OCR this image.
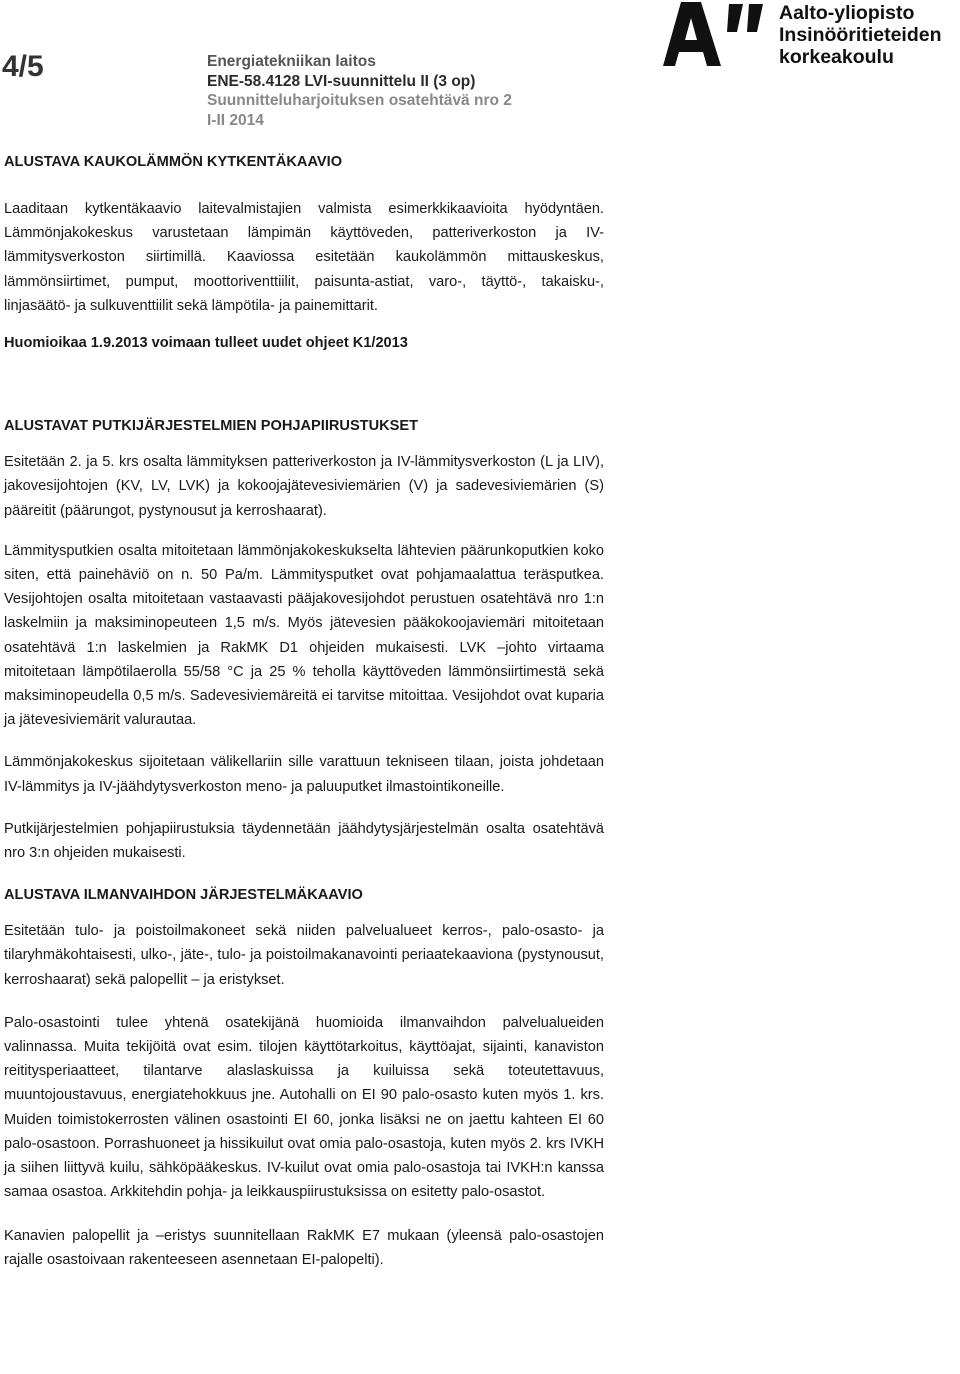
4/5	Energiatekniikan laitos
ENE-58.4128 LVI-suunnittelu II (3 op)
Suunnitteluharjoituksen osatehtävä nro 2
I-II 2014
Aalto-yliopisto
Insinööritieteiden
korkeakoulu
ALUSTAVA KAUKOLÄMMÖN KYTKENTÄKAAVIO

Laaditaan kytkentäkaavio laitevalmistajien valmista esimerkkikaavioita hyödyntäen. Lämmönjakokeskus varustetaan lämpimän käyttöveden, patteriverkoston ja IV-lämmitysverkoston siirtimillä. Kaaviossa esitetään kaukolämmön mittauskeskus, lämmönsiirtimet, pumput, moottoriventtiilit, paisunta-astiat, varo-, täyttö-, takaisku-, linjasäätö- ja sulkuventtiilit sekä lämpötila- ja painemittarit.

Huomioikaa 1.9.2013 voimaan tulleet uudet ohjeet K1/2013
ALUSTAVAT PUTKIJÄRJESTELMIEN POHJAPIIRUSTUKSET

Esitetään 2. ja 5. krs osalta lämmityksen patteriverkoston ja IV-lämmitysverkoston (L ja LIV), jakovesijohtojen (KV, LV, LVK) ja kokoojajätevesiviemärien (V) ja sadevesiviemärien (S) pääreitit (päärungot, pystynousut ja kerroshaarat).

Lämmitysputkien osalta mitoitetaan lämmönjakokeskukselta lähtevien päärunkoputkien koko siten, että painehäviö on n. 50 Pa/m. Lämmitysputket ovat pohjamaalattua teräsputkea. Vesijohtojen osalta mitoitetaan vastaavasti pääjakovesijohdot perustuen osatehtävä nro 1:n laskelmiin ja maksiminopeuteen 1,5 m/s. Myös jätevesien pääkokoojaviemäri mitoitetaan osatehtävä 1:n laskelmien ja RakMK D1 ohjeiden mukaisesti. LVK –johto virtaama mitoitetaan lämpötilaerolla 55/58 °C ja 25 % teholla käyttöveden lämmönsiirtimestä sekä maksiminopeudella 0,5 m/s. Sadevesiviemäreitä ei tarvitse mitoittaa. Vesijohdot ovat kuparia ja jätevesiviemärit valurautaa.

Lämmönjakokeskus sijoitetaan välikellariin sille varattuun tekniseen tilaan, joista johdetaan IV-lämmitys ja IV-jäähdytysverkoston meno- ja paluuputket ilmastointikoneille.

Putkijärjestelmien pohjapiirustuksia täydennetään jäähdytysjärjestelmän osalta osatehtävä nro 3:n ohjeiden mukaisesti.

ALUSTAVA ILMANVAIHDON JÄRJESTELMÄKAAVIO

Esitetään tulo- ja poistoilmakoneet sekä niiden palvelualueet kerros-, palo-osasto- ja tilaryhmäkohtaisesti, ulko-, jäte-, tulo- ja poistoilmakanavointi periaatekaaviona (pystynousut, kerroshaarat) sekä palopellit – ja eristykset.

Palo-osastointi tulee yhtenä osatekijänä huomioida ilmanvaihdon palvelualueiden valinnassa. Muita tekijöitä ovat esim. tilojen käyttötarkoitus, käyttöajat, sijainti, kanaviston reititysperiaatteet, tilantarve alaslaskuissa ja kuiluissa sekä toteutettavuus, muuntojoustavuus, energiatehokkuus jne. Autohalli on EI 90 palo-osasto kuten myös 1. krs. Muiden toimistokerrosten välinen osastointi EI 60, jonka lisäksi ne on jaettu kahteen EI 60 palo-osastoon. Porrashuoneet ja hissikuilut ovat omia palo-osastoja, kuten myös 2. krs IVKH ja siihen liittyvä kuilu, sähköpääkeskus. IV-kuilut ovat omia palo-osastoja tai IVKH:n kanssa samaa osastoa. Arkkitehdin pohja- ja leikkauspiirustuksissa on esitetty palo-osastot.

Kanavien palopellit ja –eristys suunnitellaan RakMK E7 mukaan (yleensä palo-osastojen rajalle osastoivaan rakenteeseen asennetaan EI-palopelti).
